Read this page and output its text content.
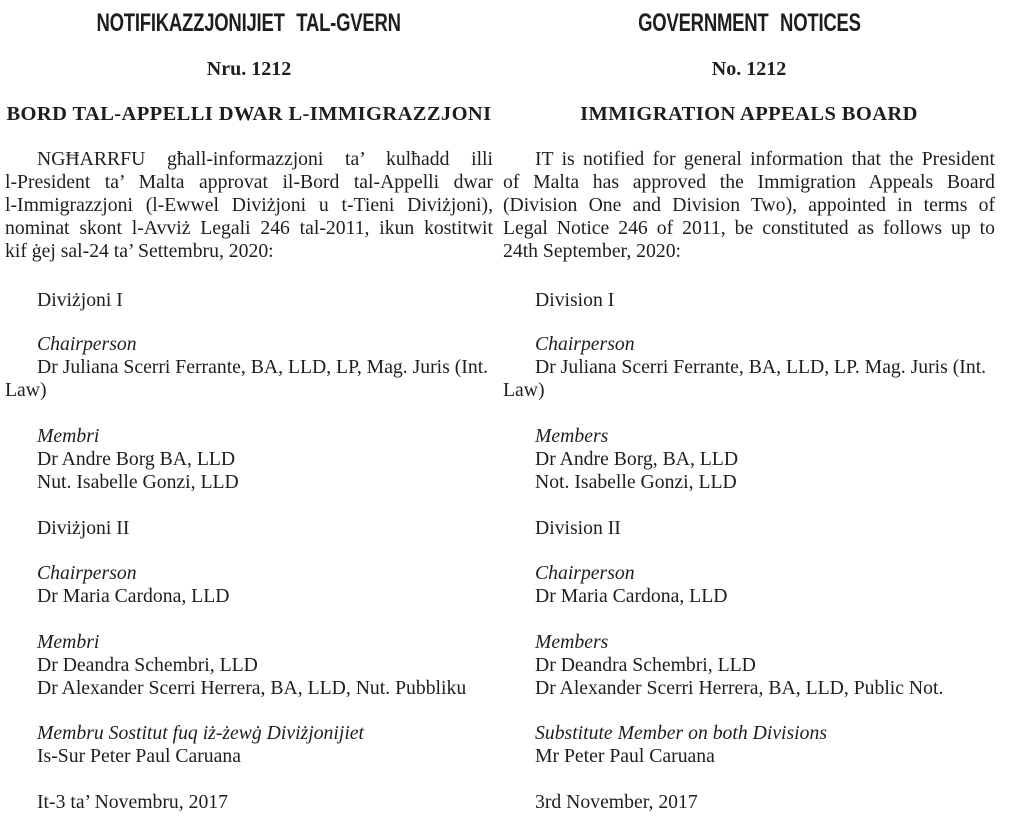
NOTIFIKAZZJONIJIET TAL-GVERN

Nru. 1212

BORD TAL-APPELLI DWAR L-IMMIGRAZZJONI

NGĦARRFU għall-informazzjoni ta’ kulħadd illi
l-President ta’ Malta approvat il-Bord tal-Appelli dwar
l-Immigrazzjoni (l-Ewwel Diviżjoni u t-Tieni Diviżjoni),
nominat skont l-Avviż Legali 246 tal-2011, ikun kostitwit
kif ġej sal-24 ta’ Settembru, 2020:

Diviżjoni I

Chairperson

Dr Juliana Scerri Ferrante, BA, LLD, LP, Mag. Juris (Int. Law)

Membri

Dr Andre Borg BA, LLD

Nut. Isabelle Gonzi, LLD

Diviżjoni II

Chairperson

Dr Maria Cardona, LLD

Membri

Dr Deandra Schembri, LLD

Dr Alexander Scerri Herrera, BA, LLD, Nut. Pubbliku

Membru Sostitut fuq iż-żewġ Diviżjonijiet

Is-Sur Peter Paul Caruana

It-3 ta’ Novembru, 2017

GOVERNMENT NOTICES

No. 1212

IMMIGRATION APPEALS BOARD

IT is notified for general information that the President
of Malta has approved the Immigration Appeals Board
(Division One and Division Two), appointed in terms of
Legal Notice 246 of 2011, be constituted as follows up to
24th September, 2020:

Division I

Chairperson

Dr Juliana Scerri Ferrante, BA, LLD, LP. Mag. Juris (Int. Law)

Members

Dr Andre Borg, BA, LLD

Not. Isabelle Gonzi, LLD

Division II

Chairperson

Dr Maria Cardona, LLD

Members

Dr Deandra Schembri, LLD

Dr Alexander Scerri Herrera, BA, LLD, Public Not.

Substitute Member on both Divisions

Mr Peter Paul Caruana

3rd November, 2017
